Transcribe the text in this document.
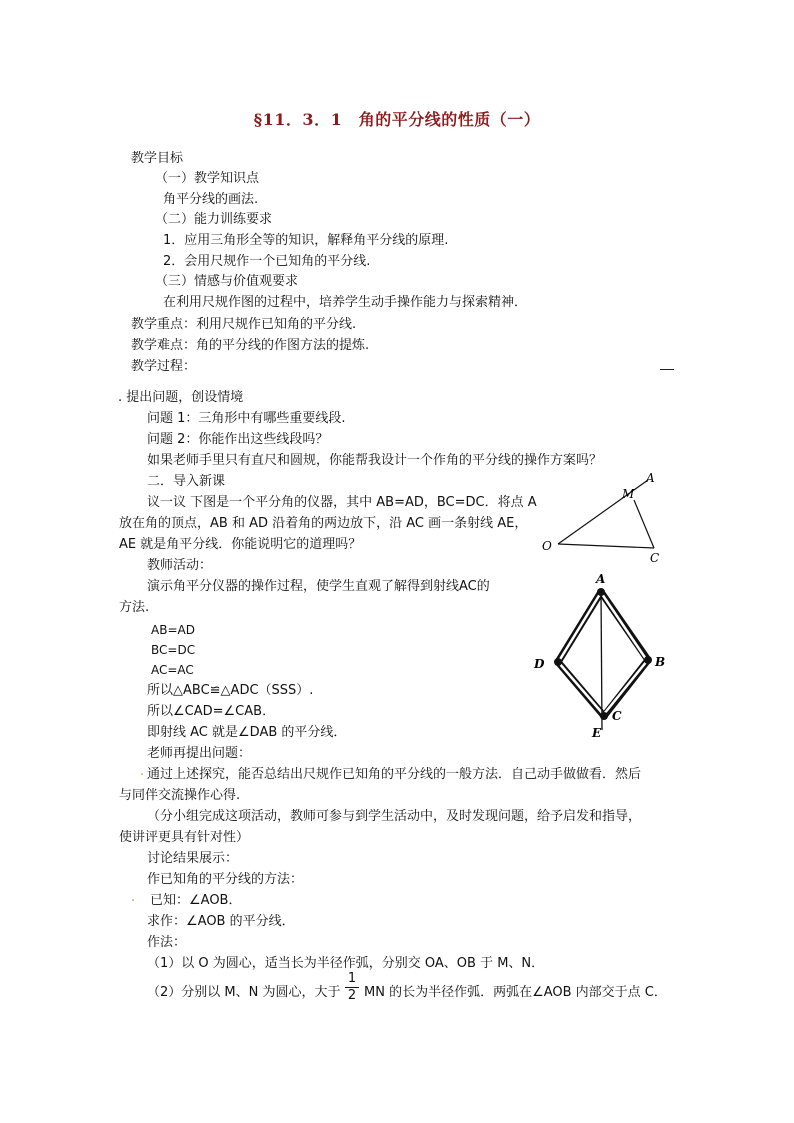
§11．3．1　角的平分线的性质（一）
教学目标
（一）教学知识点
角平分线的画法.
（二）能力训练要求
1．应用三角形全等的知识，解释角平分线的原理.
2．会用尺规作一个已知角的平分线.
（三）情感与价值观要求
在利用尺规作图的过程中，培养学生动手操作能力与探索精神．
教学重点：利用尺规作已知角的平分线.
教学难点：角的平分线的作图方法的提炼.
教学过程：
. 提出问题，创设情境
问题 1：三角形中有哪些重要线段.
问题 2：你能作出这些线段吗？
如果老师手里只有直尺和圆规，你能帮我设计一个作角的平分线的操作方案吗？
二．导入新课
议一议 下图是一个平分角的仪器，其中 AB=AD，BC=DC．将点 A
放在角的顶点，AB 和 AD 沿着角的两边放下，沿 AC 画一条射线 AE，
AE 就是角平分线．你能说明它的道理吗？
教师活动：
演示角平分仪器的操作过程，使学生直观了解得到射线AC的
方法.
AB=AD
BC=DC
AC=AC
所以△ABC≌△ADC（SSS）.
所以∠CAD=∠CAB．
即射线 AC 就是∠DAB 的平分线．
老师再提出问题：
. 通过上述探究，能否总结出尺规作已知角的平分线的一般方法．自己动手做做看．然后
与同伴交流操作心得.
（分小组完成这项活动，教师可参与到学生活动中，及时发现问题，给予启发和指导，
使讲评更具有针对性）
讨论结果展示：
作已知角的平分线的方法：
. 已知：∠AOB．
求作：∠AOB 的平分线．
作法：
（1）以 O 为圆心，适当长为半径作弧，分别交 OA、OB 于 M、N．
（2）分别以 M、N 为圆心，大于
1
2 MN 的长为半径作弧．两弧在∠AOB 内部交于点 C．
O
M
A
C
A
B
C
D
E
